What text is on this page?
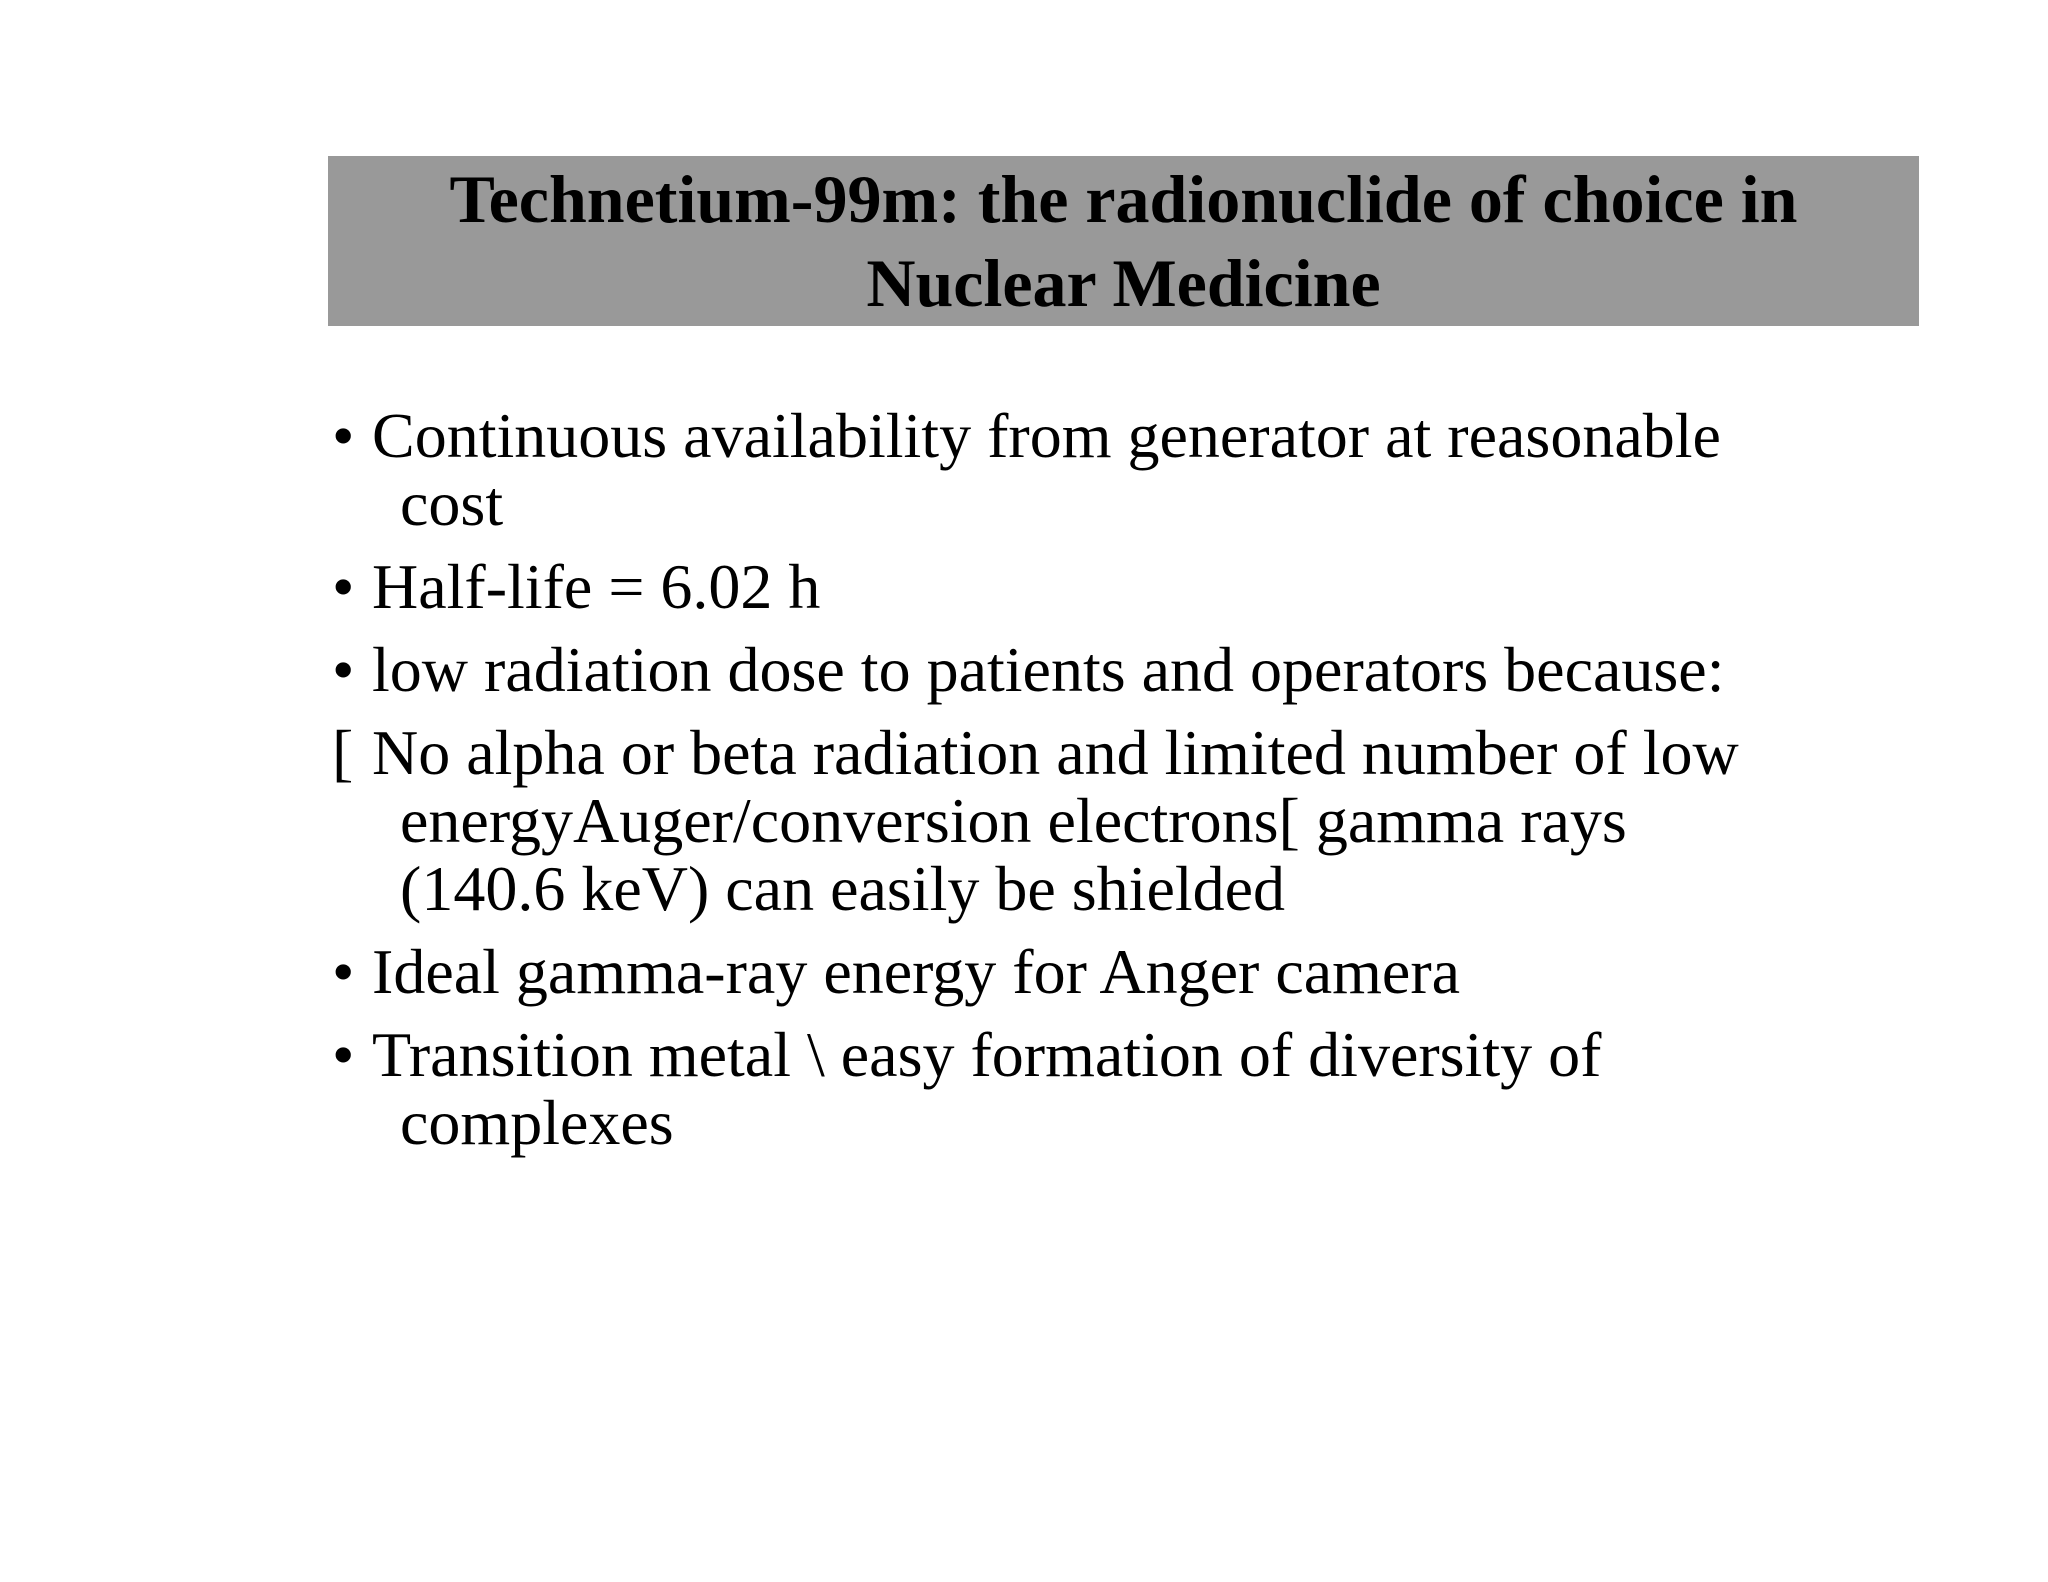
Technetium-99m: the radionuclide of choice in
Nuclear Medicine
• Continuous availability from generator at reasonable
cost
• Half-life = 6.02 h
• low radiation dose to patients and operators because:
[ No alpha or beta radiation and limited number of low
energyAuger/conversion electrons[ gamma rays
(140.6 keV) can easily be shielded
• Ideal gamma-ray energy for Anger camera
• Transition metal \ easy formation of diversity of
complexes
